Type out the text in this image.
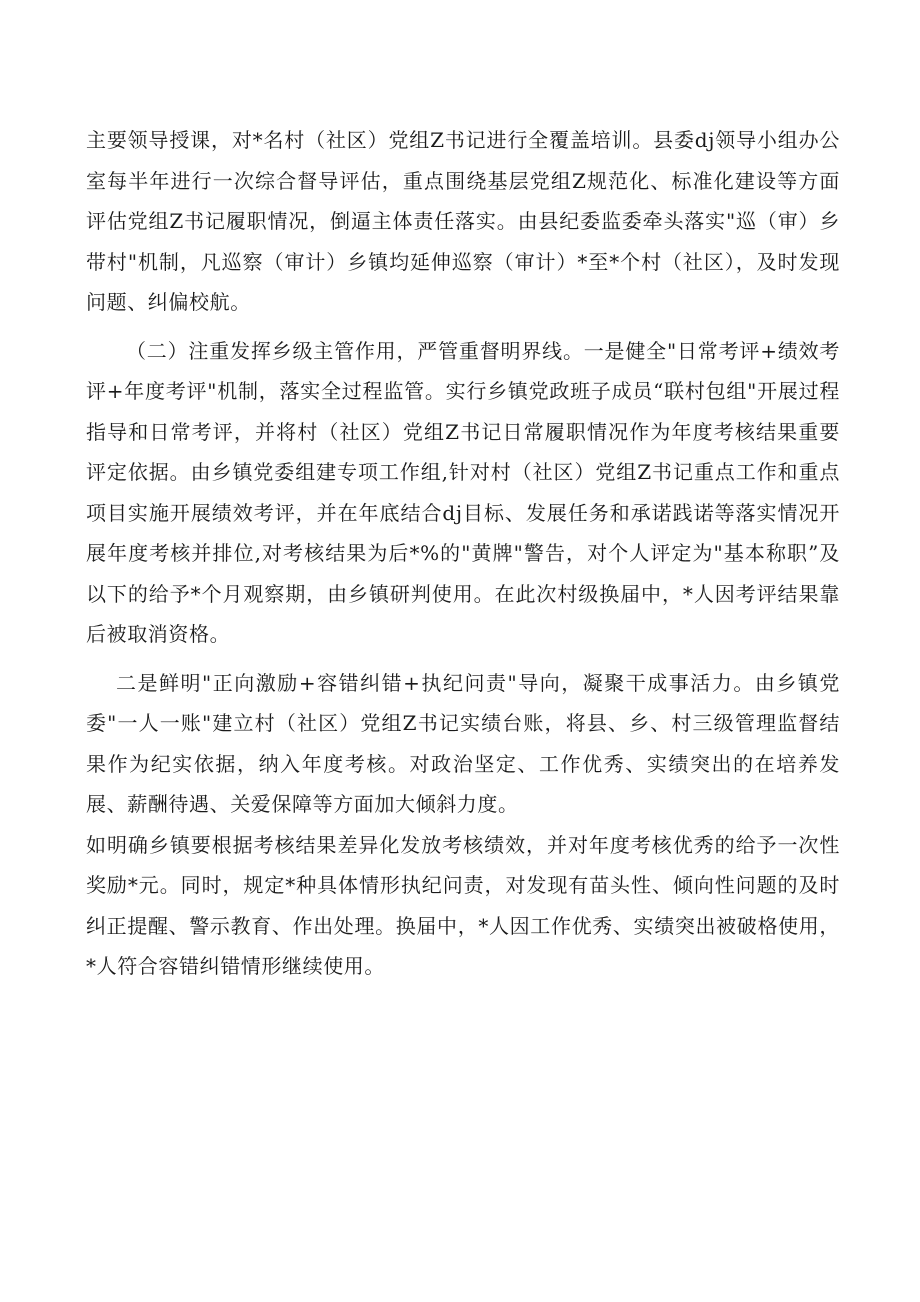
主要领导授课，对*名村（社区）党组Z书记进行全覆盖培训。县委dj领导小组办公室每半年进行一次综合督导评估，重点围绕基层党组Z规范化、标准化建设等方面评估党组Z书记履职情况，倒逼主体责任落实。由县纪委监委牵头落实"巡（审）乡带村"机制，凡巡察（审计）乡镇均延伸巡察（审计）*至*个村（社区），及时发现问题、纠偏校航。

（二）注重发挥乡级主管作用，严管重督明界线。一是健全"日常考评+绩效考评+年度考评"机制，落实全过程监管。实行乡镇党政班子成员“联村包组"开展过程指导和日常考评，并将村（社区）党组Z书记日常履职情况作为年度考核结果重要评定依据。由乡镇党委组建专项工作组,针对村（社区）党组Z书记重点工作和重点项目实施开展绩效考评，并在年底结合dj目标、发展任务和承诺践诺等落实情况开展年度考核并排位,对考核结果为后*%的"黄牌"警告，对个人评定为"基本称职”及以下的给予*个月观察期，由乡镇研判使用。在此次村级换届中，*人因考评结果靠后被取消资格。

二是鲜明"正向激励+容错纠错+执纪问责"导向，凝聚干成事活力。由乡镇党委"一人一账"建立村（社区）党组Z书记实绩台账，将县、乡、村三级管理监督结果作为纪实依据，纳入年度考核。对政治坚定、工作优秀、实绩突出的在培养发展、薪酬待遇、关爱保障等方面加大倾斜力度。

如明确乡镇要根据考核结果差异化发放考核绩效，并对年度考核优秀的给予一次性奖励*元。同时，规定*种具体情形执纪问责，对发现有苗头性、倾向性问题的及时纠正提醒、警示教育、作出处理。换届中，*人因工作优秀、实绩突出被破格使用，*人符合容错纠错情形继续使用。
